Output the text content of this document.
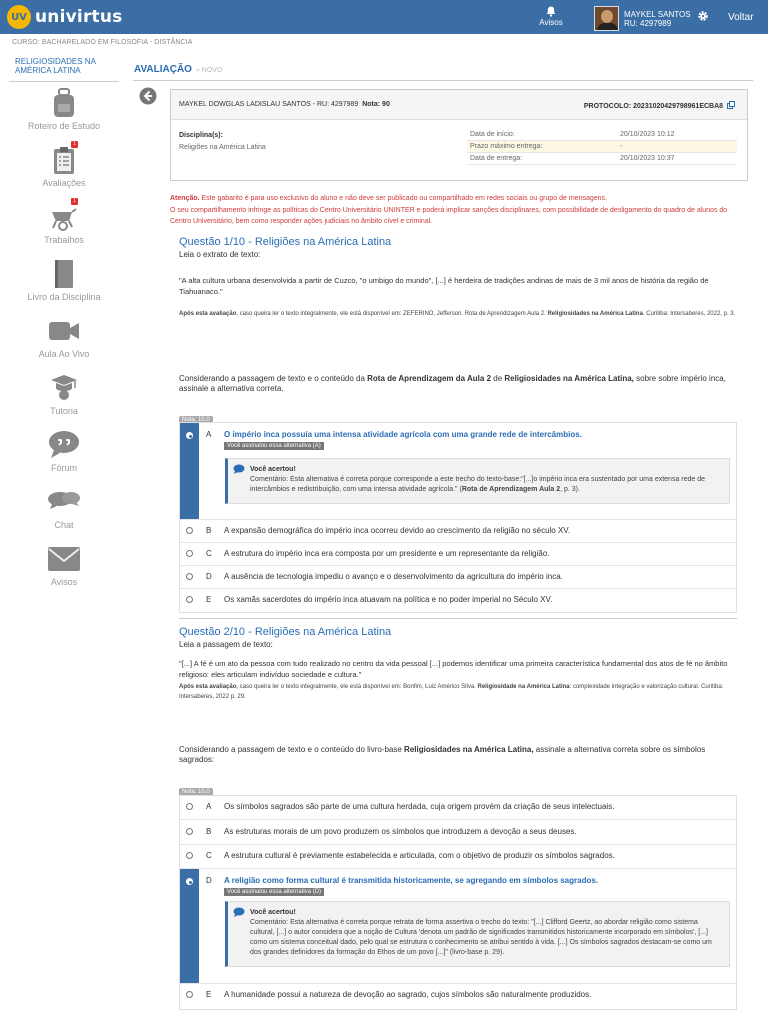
UV univirtus	Avisos
MAYKEL SANTOS
RU: 4297989	Voltar
CURSO: BACHARELADO EM FILOSOFIA - DISTÂNCIA
RELIGIOSIDADES NA AMÉRICA LATINA
Roteiro de Estudo
1
Avaliações
1
Trabalhos
Livro da Disciplina
Aula Ao Vivo
Tutoria
Fórum
Chat
Avisos
AVALIAÇÃO » NOVO
MAYKEL DOWGLAS LADISLAU SANTOS - RU: 4297989 Nota: 90	PROTOCOLO: 20231020429798961ECBA8
Disciplina(s):
Religiões na América Latina
Data de início:	20/10/2023 10:12
Prazo máximo entrega:	-
Data de entrega:	20/10/2023 10:37
Atenção. Este gabarito é para uso exclusivo do aluno e não deve ser publicado ou compartilhado em redes sociais ou grupo de mensagens.
O seu compartilhamento infringe as políticas do Centro Universitário UNINTER e poderá implicar sanções disciplinares, com possibilidade de desligamento do quadro de alunos do Centro Universitário, bem como responder ações judiciais no âmbito cível e criminal.
Questão 1/10 - Religiões na América Latina
Leia o extrato de texto:
"A alta cultura urbana desenvolvida a partir de Cuzco, "o umbigo do mundo", [...] é herdeira de tradições andinas de mais de 3 mil anos de história da região de Tiahuanaco."
Após esta avaliação, caso queira ler o texto integralmente, ele está disponível em: ZEFERINO, Jefferson. Rota de Aprendizagem Aula 2. Religiosidades na América Latina. Curitiba: Intersaberes, 2022, p. 3.
Considerando a passagem de texto e o conteúdo da Rota de Aprendizagem da Aula 2 de Religiosidades na América Latina, sobre sobre império inca, assinale a alternativa correta.
Nota: 10.0
A O império inca possuía uma intensa atividade agrícola com uma grande rede de intercâmbios.
Você assinalou essa alternativa (A)
Você acertou!
Comentário: Esta alternativa é correta porque corresponde a este trecho do texto-base:"[...]o império inca era sustentado por uma extensa rede de intercâmbios e redistribuição, com uma intensa atividade agrícola." (Rota de Aprendizagem Aula 2, p. 3).
B A expansão demográfica do império inca ocorreu devido ao crescimento da religião no século XV.
C A estrutura do império inca era composta por um presidente e um representante da religião.
D A ausência de tecnologia impediu o avanço e o desenvolvimento da agricultura do império inca.
E Os xamãs sacerdotes do império inca atuavam na política e no poder imperial no Século XV.
Questão 2/10 - Religiões na América Latina
Leia a passagem de texto:
"[...] A fé é um ato da pessoa com tudo realizado no centro da vida pessoal [...] podemos identificar uma primeira característica fundamental dos atos de fé no âmbito religioso: eles articulam indivíduo sociedade e cultura."
Após esta avaliação, caso queira ler o texto integralmente, ele está disponível em: Bonfim, Luiz Américo Silva. Religiosidade na América Latina: complexidade integração e valorização cultural. Curitiba: Intersaberes, 2022 p. 29.
Considerando a passagem de texto e o conteúdo do livro-base Religiosidades na América Latina, assinale a alternativa correta sobre os símbolos sagrados:
Nota: 10.0
A Os símbolos sagrados são parte de uma cultura herdada, cuja origem provém da criação de seus intelectuais.
B As estruturas morais de um povo produzem os símbolos que introduzem a devoção a seus deuses.
C A estrutura cultural é previamente estabelecida e articulada, com o objetivo de produzir os símbolos sagrados.
D A religião como forma cultural é transmitida historicamente, se agregando em símbolos sagrados.
Você assinalou essa alternativa (D)
Você acertou!
Comentário: Esta alternativa é correta porque retrata de forma assertiva o trecho do texto: "[...] Clifford Geertz, ao abordar religião como sistema cultural, [...] o autor considera que a noção de Cultura 'denota um padrão de significados transmitidos historicamente incorporado em símbolos', [...] como um sistema conceitual dado, pelo qual se estrutura o conhecimento se atribui sentido à vida. [...] Os símbolos sagrados destacam-se como um dos grandes definidores da formação do Ethos de um povo [...]" (livro-base p. 29).
E A humanidade possui a natureza de devoção ao sagrado, cujos símbolos são naturalmente produzidos.
